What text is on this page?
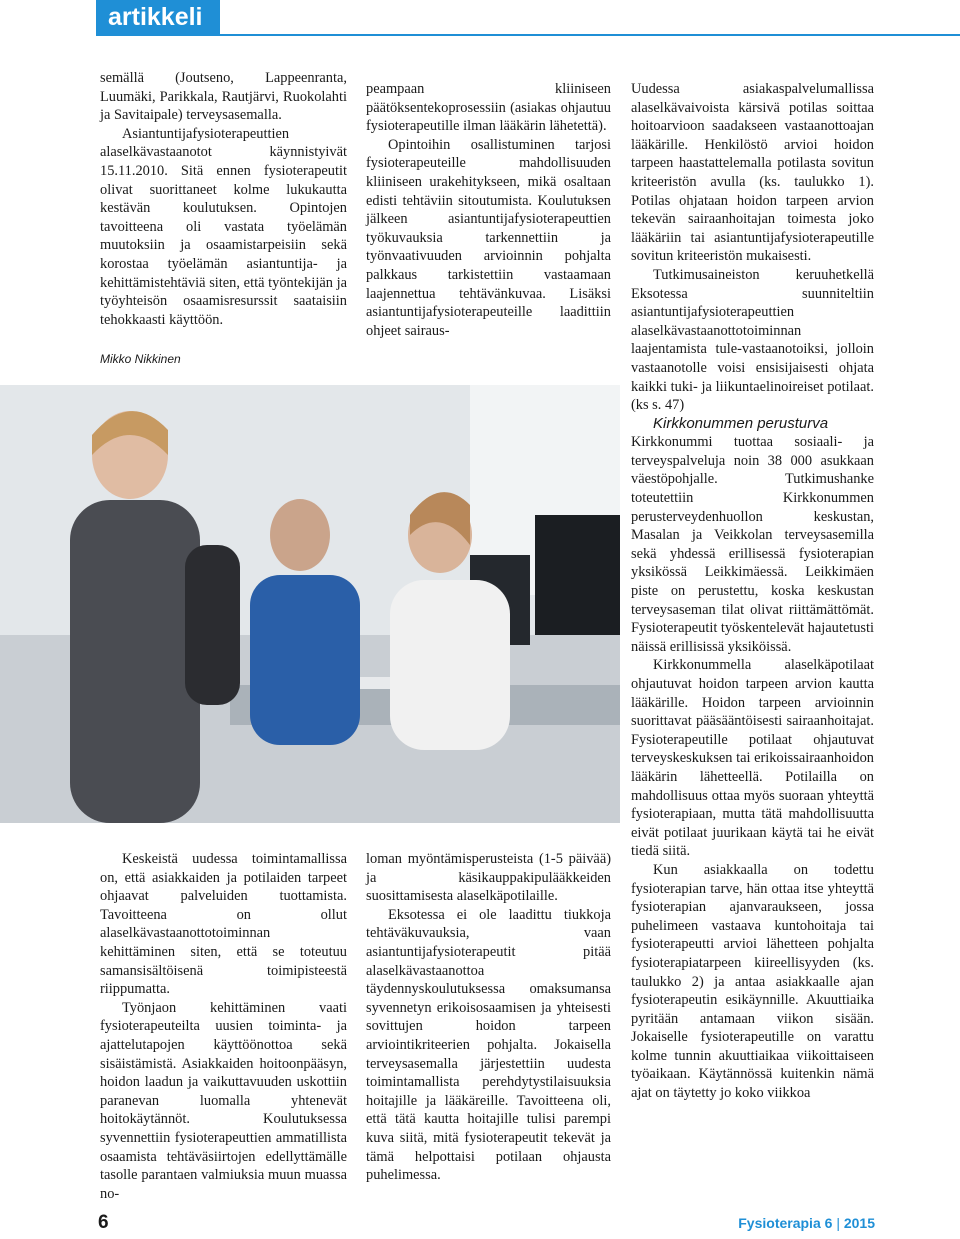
artikkeli

semällä (Joutseno, Lappeenranta, Luumäki, Parikkala, Rautjärvi, Ruokolahti ja Savitaipale) terveysasemalla.

Asiantuntijafysioterapeuttien alaselkävastaanotot käynnistyivät 15.11.2010. Sitä ennen fysioterapeutit olivat suorittaneet kolme lukukautta kestävän koulutuksen. Opintojen tavoitteena oli vastata työelämän muutoksiin ja osaamistarpeisiin sekä korostaa työelämän asiantuntija- ja kehittämistehtäviä siten, että työntekijän ja työyhteisön osaamisresurssit saataisiin tehokkaasti käyttöön.

Mikko Nikkinen

peampaan kliiniseen päätöksentekoprosessiin (asiakas ohjautuu fysioterapeutille ilman lääkärin lähetettä).

Opintoihin osallistuminen tarjosi fysioterapeuteille mahdollisuuden kliiniseen urakehitykseen, mikä osaltaan edisti tehtäviin sitoutumista. Koulutuksen jälkeen asiantuntijafysioterapeuttien työkuvauksia tarkennettiin ja työnvaativuuden arvioinnin pohjalta palkkaus tarkistettiin vastaamaan laajennettua tehtävänkuvaa. Lisäksi asiantuntijafysioterapeuteille laadittiin ohjeet sairaus-

Uudessa asiakaspalvelumallissa alaselkävaivoista kärsivä potilas soittaa hoitoarvioon saadakseen vastaanottoajan lääkärille. Henkilöstö arvioi hoidon tarpeen haastattelemalla potilasta sovitun kriteeristön avulla (ks. taulukko 1). Potilas ohjataan hoidon tarpeen arvion tekevän sairaanhoitajan toimesta joko lääkäriin tai asiantuntijafysioterapeutille sovitun kriteeristön mukaisesti.

Tutkimusaineiston keruuhetkellä Eksotessa suunniteltiin asiantuntijafysioterapeuttien alaselkävastaanottotoiminnan laajentamista tule-vastaanotoiksi, jolloin vastaanotolle voisi ensisijaisesti ohjata kaikki tuki- ja liikuntaelinoireiset potilaat. (ks s. 47)

Kirkkonummen perusturva

Kirkkonummi tuottaa sosiaali- ja terveyspalveluja noin 38 000 asukkaan väestöpohjalle. Tutkimushanke toteutettiin Kirkkonummen perusterveydenhuollon keskustan, Masalan ja Veikkolan terveysasemilla sekä yhdessä erillisessä fysioterapian yksikössä Leikkimäessä. Leikkimäen piste on perustettu, koska keskustan terveysaseman tilat olivat riittämättömät. Fysioterapeutit työskentelevät hajautetusti näissä erillisissä yksiköissä.

Kirkkonummella alaselkäpotilaat ohjautuvat hoidon tarpeen arvion kautta lääkärille. Hoidon tarpeen arvioinnin suorittavat pääsääntöisesti sairaanhoitajat. Fysioterapeutille potilaat ohjautuvat terveyskeskuksen tai erikoissairaanhoidon lääkärin lähetteellä. Potilailla on mahdollisuus ottaa myös suoraan yhteyttä fysioterapiaan, mutta tätä mahdollisuutta eivät potilaat juurikaan käytä tai he eivät tiedä siitä.

Kun asiakkaalla on todettu fysioterapian tarve, hän ottaa itse yhteyttä fysioterapian ajanvaraukseen, jossa puhelimeen vastaava kuntohoitaja tai fysioterapeutti arvioi lähetteen pohjalta fysioterapiatarpeen kiireellisyyden (ks. taulukko 2) ja antaa asiakkaalle ajan fysioterapeutin esikäynnille. Akuuttiaika pyritään antamaan viikon sisään. Jokaiselle fysioterapeutille on varattu kolme tunnin akuuttiaikaa viikoittaiseen työaikaan. Käytännössä kuitenkin nämä ajat on täytetty jo koko viikkoa

Keskeistä uudessa toimintamallissa on, että asiakkaiden ja potilaiden tarpeet ohjaavat palveluiden tuottamista. Tavoitteena on ollut alaselkävastaanottotoiminnan kehittäminen siten, että se toteutuu samansisältöisenä toimipisteestä riippumatta.

Työnjaon kehittäminen vaati fysioterapeuteilta uusien toiminta- ja ajattelutapojen käyttöönottoa sekä sisäistämistä. Asiakkaiden hoitoonpääsyn, hoidon laadun ja vaikuttavuuden uskottiin paranevan luomalla yhtenevät hoitokäytännöt. Koulutuksessa syvennettiin fysioterapeuttien ammatillista osaamista tehtäväsiirtojen edellyttämälle tasolle parantaen valmiuksia muun muassa no-

loman myöntämisperusteista (1-5 päivää) ja käsikauppakipulääkkeiden suosittamisesta alaselkäpotilaille.

Eksotessa ei ole laadittu tiukkoja tehtäväkuvauksia, vaan asiantuntijafysioterapeutit pitää alaselkävastaanottoa täydennyskoulutuksessa omaksumansa syvennetyn erikoisosaamisen ja yhteisesti sovittujen hoidon tarpeen arviointikriteerien pohjalta. Jokaisella terveysasemalla järjestettiin uudesta toimintamallista perehdytystilaisuuksia hoitajille ja lääkäreille. Tavoitteena oli, että tätä kautta hoitajille tulisi parempi kuva siitä, mitä fysioterapeutit tekevät ja tämä helpottaisi potilaan ohjausta puhelimessa.

6	Fysioterapia 6 | 2015
